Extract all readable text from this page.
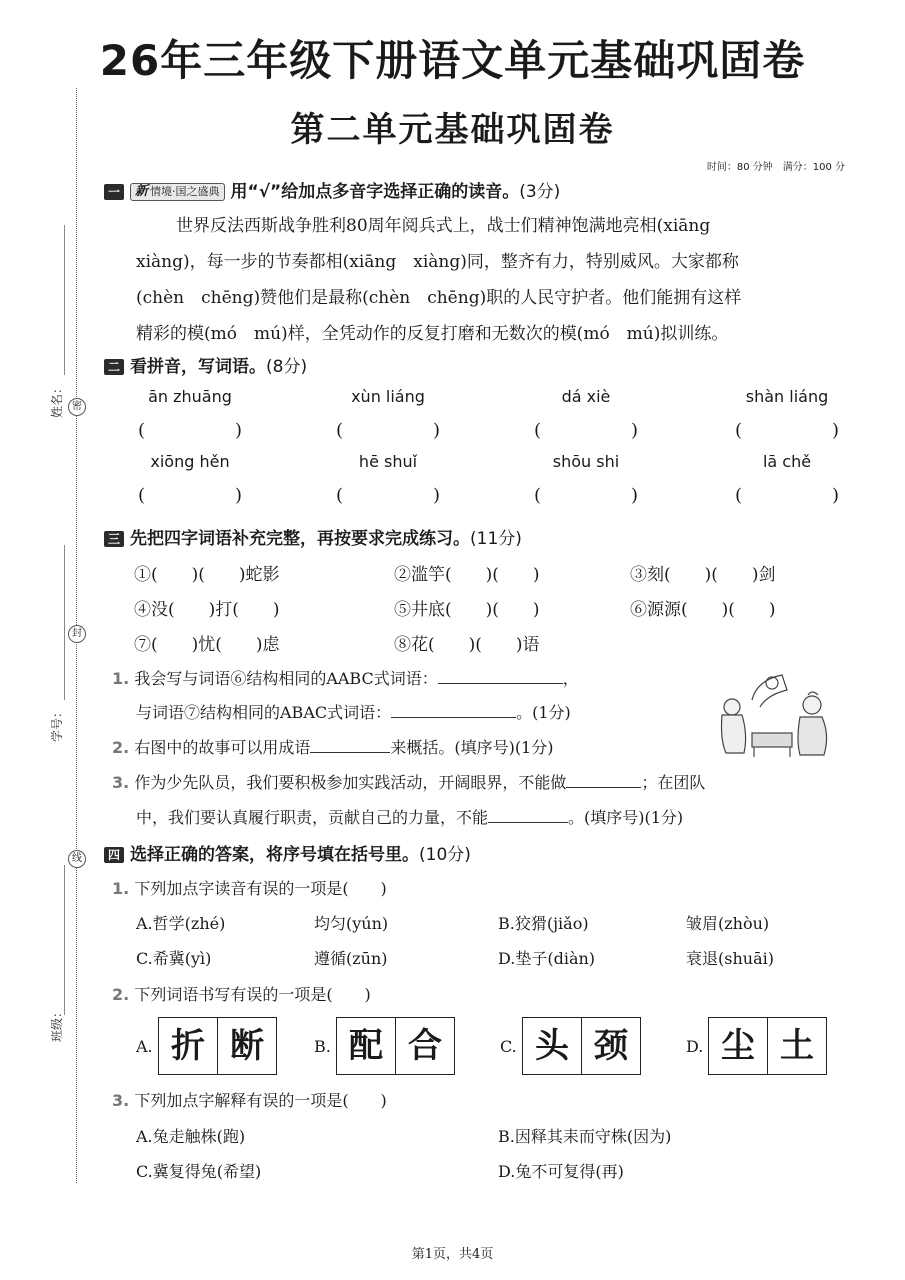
26年三年级下册语文单元基础巩固卷
第二单元基础巩固卷
时间：80 分钟　满分：100 分
姓名： 密
学号：
封
线
班级：
一 新 情境·国之盛典 用“√”给加点多音字选择正确的读音。(3分)
世界反法西斯战争胜利80周年阅兵式上，战士们精神饱满地亮相(xiāng
xiàng)，每一步的节奏都相(xiāng　xiàng)同，整齐有力，特别威风。大家都称
(chèn　chēng)赞他们是最称(chèn　chēng)职的人民守护者。他们能拥有这样
精彩的模(mó　mú)样，全凭动作的反复打磨和无数次的模(mó　mú)拟训练。
二 看拼音，写词语。(8分)
ān zhuāng	xùn liáng	dá xiè	shàn liáng
(　　　　　)	(　　　　　)	(　　　　　)	(　　　　　)
xiōng hěn	hē shuǐ	shōu shi	lā chě
(　　　　　)	(　　　　　)	(　　　　　)	(　　　　　)
三 先把四字词语补充完整，再按要求完成练习。(11分)
①(　　)(　　)蛇影	②滥竽(　　)(　　)	③刻(　　)(　　)剑
④没(　　)打(　　)	⑤井底(　　)(　　)	⑥源源(　　)(　　)
⑦(　　)忧(　　)虑	⑧花(　　)(　　)语
1. 我会写与词语⑥结构相同的AABC式词语：	，
与词语⑦结构相同的ABAC式词语：	。(1分)
2. 右图中的故事可以用成语	来概括。(填序号)(1分)
3. 作为少先队员，我们要积极参加实践活动，开阔眼界，不能做	；在团队
中，我们要认真履行职责，贡献自己的力量，不能	。(填序号)(1分)
四 选择正确的答案，将序号填在括号里。(10分)
1. 下列加点字读音有误的一项是(　　)
A.哲学(zhé)	均匀(yún)	B.狡猾(jiǎo)	皱眉(zhòu)
C.希冀(yì)	遵循(zūn)	D.垫子(diàn)	衰退(shuāi)
2. 下列词语书写有误的一项是(　　)
A. 折 断	B. 配 合	C. 头 颈	D. 尘 土
3. 下列加点字解释有误的一项是(　　)
A.兔走触株(跑)	B.因释其耒而守株(因为)
C.冀复得兔(希望)	D.兔不可复得(再)
第1页，共4页
